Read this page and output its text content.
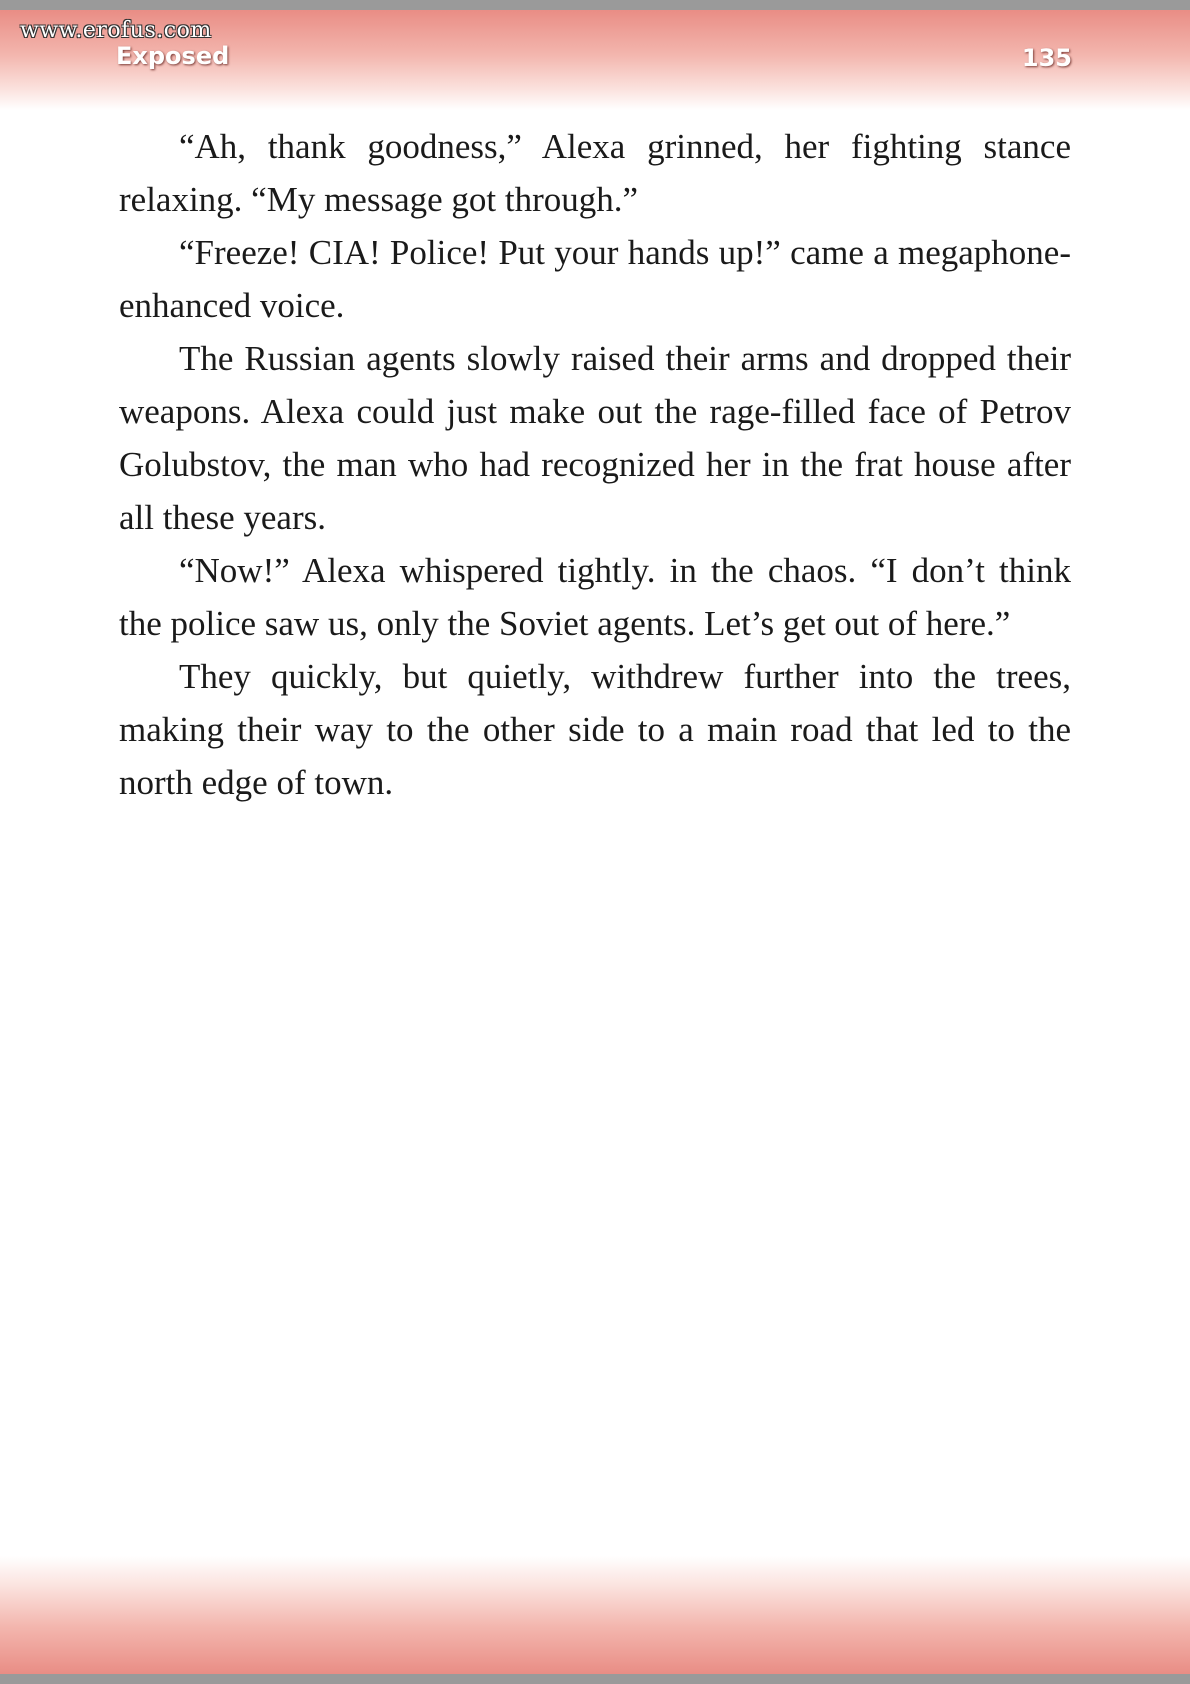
www.erofus.com
Exposed	135

“Ah, thank goodness,” Alexa grinned, her fighting stance relaxing. “My message got through.”

“Freeze! CIA! Police! Put your hands up!” came a megaphone-enhanced voice.

The Russian agents slowly raised their arms and dropped their weapons. Alexa could just make out the rage-filled face of Petrov Golubstov, the man who had recognized her in the frat house after all these years.

“Now!” Alexa whispered tightly. in the chaos. “I don’t think the police saw us, only the Soviet agents. Let’s get out of here.”

They quickly, but quietly, withdrew further into the trees, making their way to the other side to a main road that led to the north edge of town.
